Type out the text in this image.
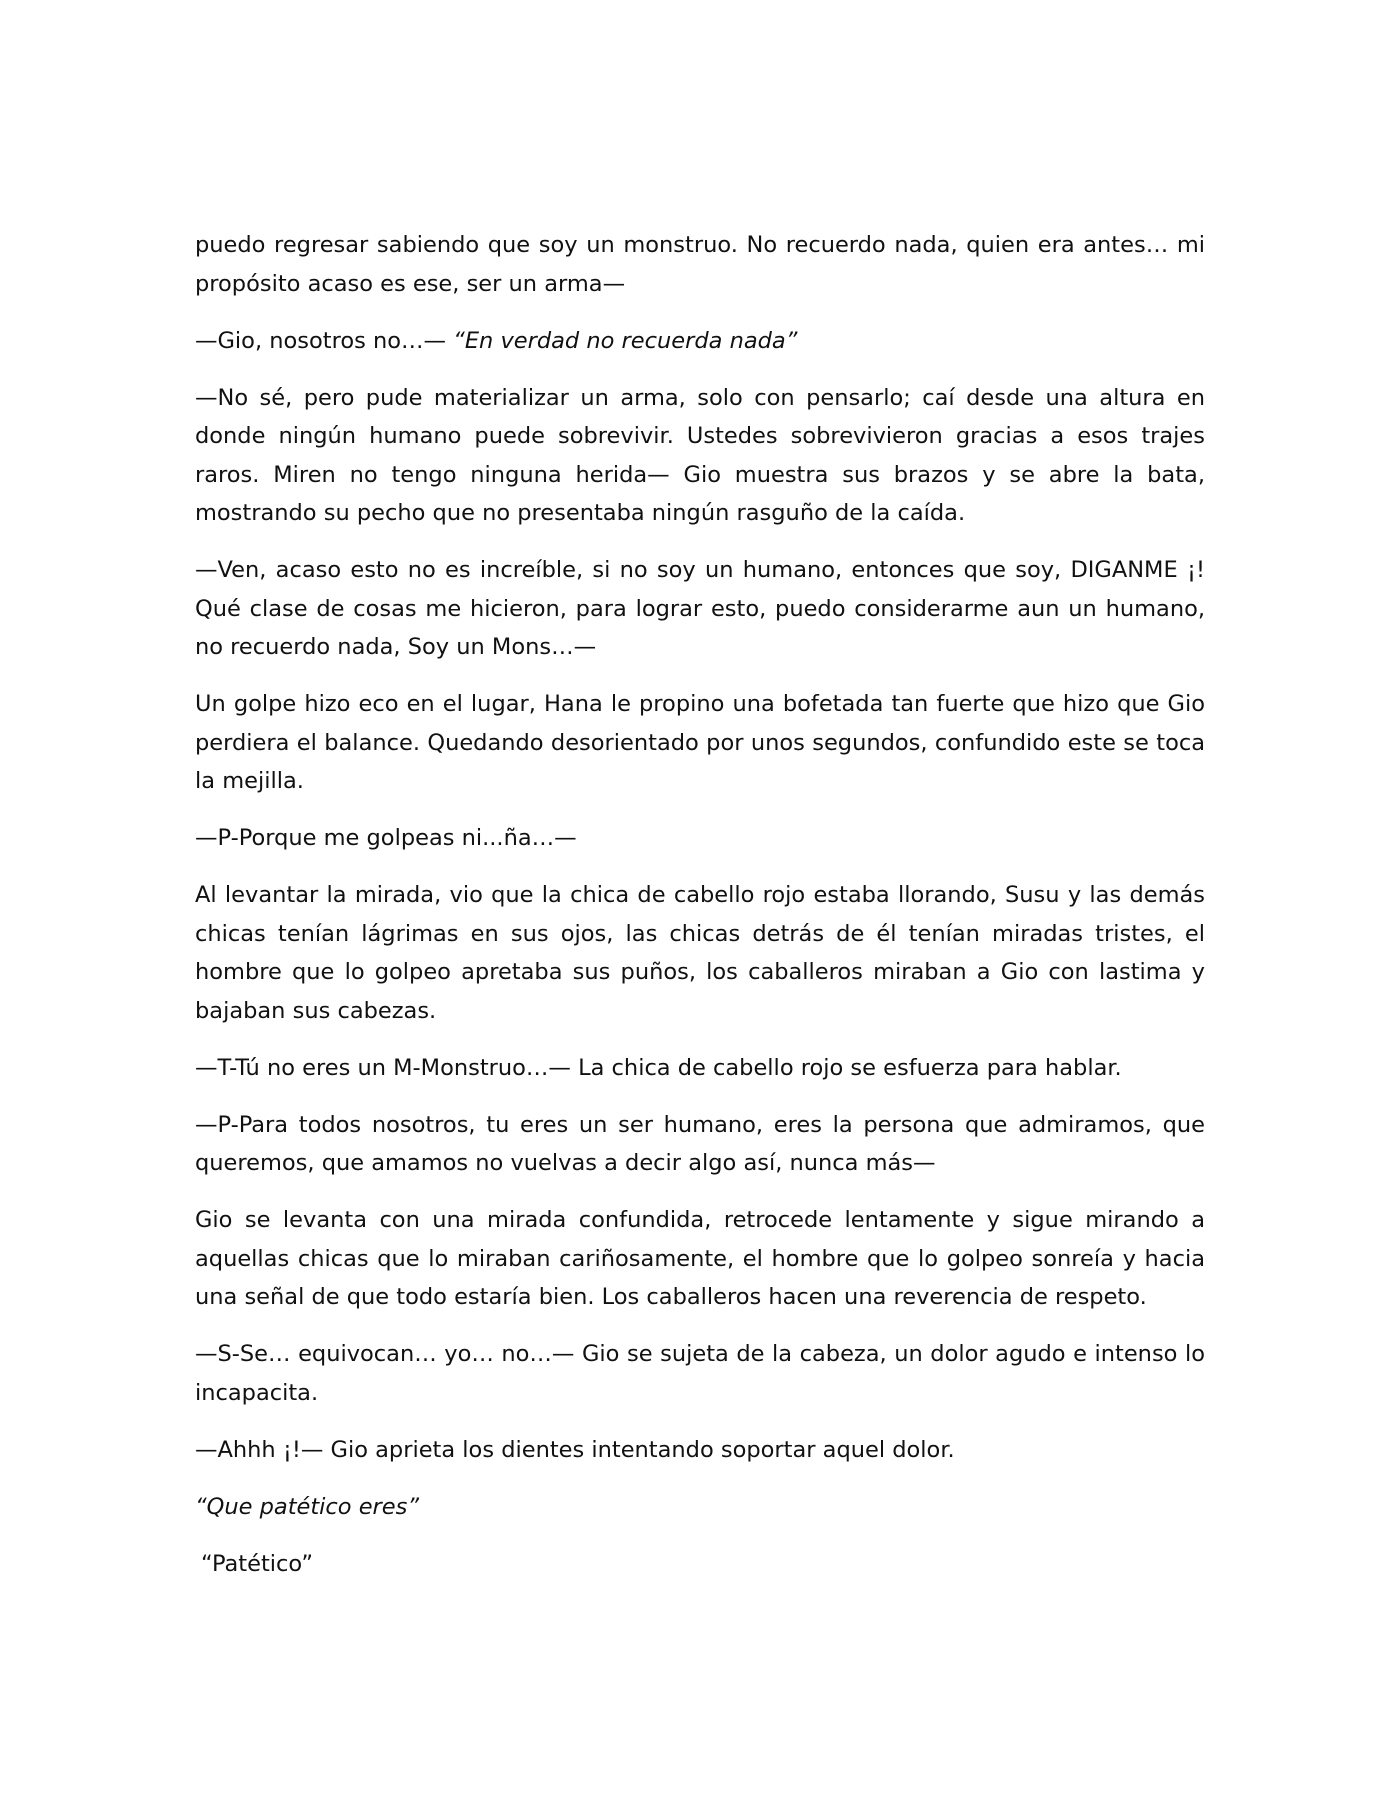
puedo regresar sabiendo que soy un monstruo. No recuerdo nada, quien era antes… mi propósito acaso es ese, ser un arma—

—Gio, nosotros no…— “En verdad no recuerda nada”

—No sé, pero pude materializar un arma, solo con pensarlo; caí desde una altura en donde ningún humano puede sobrevivir. Ustedes sobrevivieron gracias a esos trajes raros. Miren no tengo ninguna herida— Gio muestra sus brazos y se abre la bata, mostrando su pecho que no presentaba ningún rasguño de la caída.

—Ven, acaso esto no es increíble, si no soy un humano, entonces que soy, DIGANME ¡! Qué clase de cosas me hicieron, para lograr esto, puedo considerarme aun un humano, no recuerdo nada, Soy un Mons…—

Un golpe hizo eco en el lugar, Hana le propino una bofetada tan fuerte que hizo que Gio perdiera el balance. Quedando desorientado por unos segundos, confundido este se toca la mejilla.

—P-Porque me golpeas ni...ña…—

Al levantar la mirada, vio que la chica de cabello rojo estaba llorando, Susu y las demás chicas tenían lágrimas en sus ojos, las chicas detrás de él tenían miradas tristes, el hombre que lo golpeo apretaba sus puños, los caballeros miraban a Gio con lastima y bajaban sus cabezas.

—T-Tú no eres un M-Monstruo…— La chica de cabello rojo se esfuerza para hablar.

—P-Para todos nosotros, tu eres un ser humano, eres la persona que admiramos, que queremos, que amamos no vuelvas a decir algo así, nunca más—

Gio se levanta con una mirada confundida, retrocede lentamente y sigue mirando a aquellas chicas que lo miraban cariñosamente, el hombre que lo golpeo sonreía y hacia una señal de que todo estaría bien. Los caballeros hacen una reverencia de respeto.

—S-Se… equivocan… yo… no…— Gio se sujeta de la cabeza, un dolor agudo e intenso lo incapacita.

—Ahhh ¡!— Gio aprieta los dientes intentando soportar aquel dolor.

“Que patético eres”

“Patético”
